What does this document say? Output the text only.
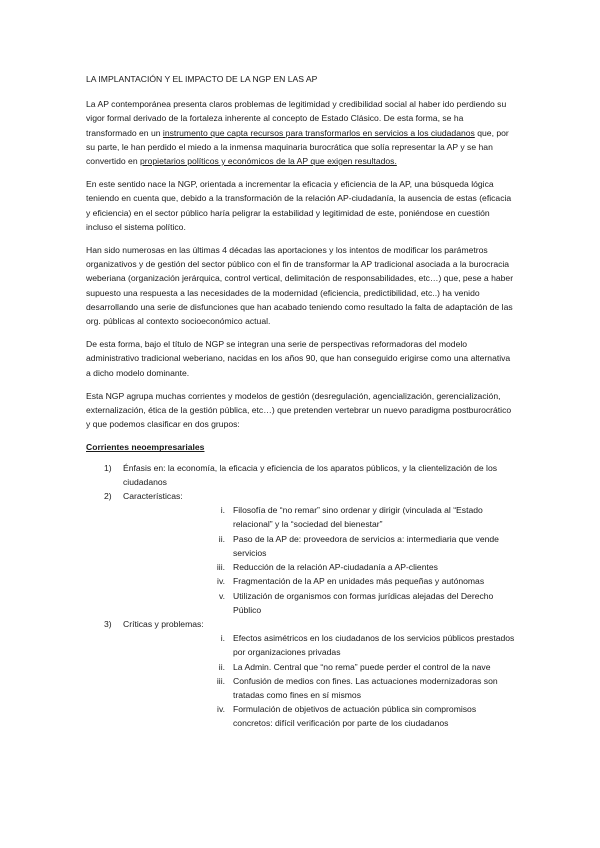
LA IMPLANTACIÓN Y EL IMPACTO DE LA NGP EN LAS AP

La AP contemporánea presenta claros problemas de legitimidad y credibilidad social al haber ido perdiendo su vigor formal derivado de la fortaleza inherente al concepto de Estado Clásico. De esta forma, se ha transformado en un instrumento que capta recursos para transformarlos en servicios a los ciudadanos que, por su parte, le han perdido el miedo a la inmensa maquinaria burocrática que solía representar la AP y se han convertido en propietarios políticos y económicos de la AP que exigen resultados.

En este sentido nace la NGP, orientada a incrementar la eficacia y eficiencia de la AP, una búsqueda lógica teniendo en cuenta que, debido a la transformación de la relación AP-ciudadanía, la ausencia de estas (eficacia y eficiencia) en el sector público haría peligrar la estabilidad y legitimidad de este, poniéndose en cuestión incluso el sistema político.

Han sido numerosas en las últimas 4 décadas las aportaciones y los intentos de modificar los parámetros organizativos y de gestión del sector público con el fin de transformar la AP tradicional asociada a la burocracia weberiana (organización jerárquica, control vertical, delimitación de responsabilidades, etc…) que, pese a haber supuesto una respuesta a las necesidades de la modernidad (eficiencia, predictibilidad, etc..) ha venido desarrollando una serie de disfunciones que han acabado teniendo como resultado la falta de adaptación de las org. públicas al contexto socioeconómico actual.

De esta forma, bajo el título de NGP se integran una serie de perspectivas reformadoras del modelo administrativo tradicional weberiano, nacidas en los años 90, que han conseguido erigirse como una alternativa a dicho modelo dominante.

Esta NGP agrupa muchas corrientes y modelos de gestión (desregulación, agencialización, gerencialización, externalización, ética de la gestión pública, etc…) que pretenden vertebrar un nuevo paradigma postburocrático y que podemos clasificar en dos grupos:

Corrientes neoempresariales
1) Énfasis en: la economía, la eficacia y eficiencia de los aparatos públicos, y la clientelización de los ciudadanos
2) Características:
i. Filosofía de “no remar” sino ordenar y dirigir (vinculada al “Estado relacional” y la “sociedad del bienestar”
ii. Paso de la AP de: proveedora de servicios a: intermediaria que vende servicios
iii. Reducción de la relación AP-ciudadanía a AP-clientes
iv. Fragmentación de la AP en unidades más pequeñas y autónomas
v. Utilización de organismos con formas jurídicas alejadas del Derecho Público
3) Críticas y problemas:
i. Efectos asimétricos en los ciudadanos de los servicios públicos prestados por organizaciones privadas
ii. La Admin. Central que “no rema” puede perder el control de la nave
iii. Confusión de medios con fines. Las actuaciones modernizadoras son tratadas como fines en sí mismos
iv. Formulación de objetivos de actuación pública sin compromisos concretos: difícil verificación por parte de los ciudadanos
